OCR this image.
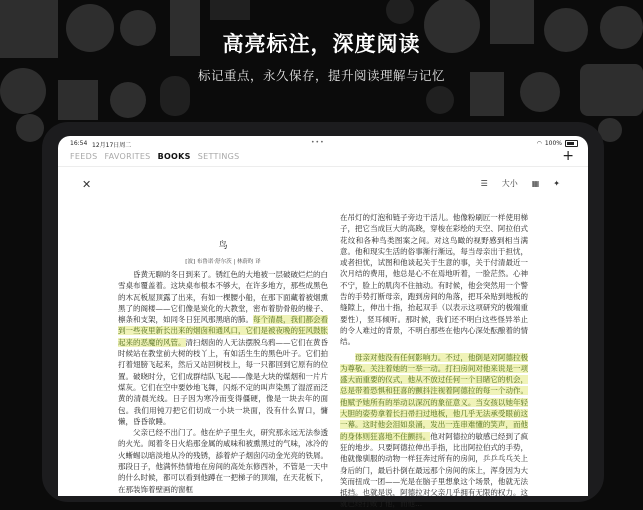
高亮标注，深度阅读
标记重点，永久保存，提升阅读理解与记忆
16:54 12月17日周二	•••	◠ 100%
FEEDS FAVORITES BOOKS SETTINGS	+
✕	☰ 大小 ▦ ✦
鸟
[波] 布鲁诺·舒尔茨 | 林蔚昀 译

昏黄无聊的冬日到来了。锈红色的大地被一层破破烂烂的白雪桌布覆盖着。这块桌布根本不够大，在许多地方，那些成黑色的木瓦板屋顶露了出来，有如一棵腰小船，在那下面藏着被烟熏黑了的阁楼——它们像是炭化的大教堂，密布着肋骨般的椽子、檩条和支架，如同冬日狂风那黑暗的肺。每个清晨，我们都会看到一些夜里新长出来的烟囱和通风口，它们是被夜晚的狂风鼓胀起来的恶魔的风管。清扫烟囱的人无法摆脱乌鸦——它们在黄昏时候站在教堂前大树的枝丫上，有如活生生的黑色叶子。它们拍打着翅膀飞起来，然后又站回树枝上，每一只都回到它原有的位置。破晓时分，它们成群结队飞起——像是大块的煤烟和一片片煤灰。它们在空中要妙地飞舞，闪烁不定的叫声染黑了湿涩而泛黄的清晨光线。日子因为寒冷而变得僵硬，像是一块去年的面包。我们用钝刀把它们切成一小块一块面，没有什么胃口，慵懒，昏昏欲睡。

父亲已经不出门了。他在炉子里生火，研究那永远无法参透的火光。闻着冬日火焰那金属的咸味和被熏黑过的气味，冰冷的火蜥蜴以暗淡地从冷的残锈，舔着炉子烟囱闪动金光亮的铁屑。那段日子，他满怀热情地在房间的高处东修西补，不管是一天中的什么时候，都可以看到他蹲在一把梯子的顶端，在天花板下，在那装饰着壁画的窗框

在吊灯的灯泡和链子旁边干活儿。他像粉刷匠一样使用梯子，把它当成巨大的高跷，穿梭在彩绘的天空、阿拉伯式花纹和各种鸟类图案之间。对这鸟瞰的视野感到相当满意。他和现实生活的俗事渐行渐远，每当母亲出于担忧，或者担忧，试图和他谈起关于生意的事，关于付清最近一次月结的费用，他总是心不在焉地听着，一脸茫然。心神不宁，脸上的肌肉不住抽动。有时候，他会突然用一个警告的手势打断母亲，跑到房间的角落，把耳朵贴到地板的缝隙上，伸出十指，抬起双手（以表示这项研究的极端重要性），竖耳倾听。那时候，我们还不明白这些怪异举止的令人难过的背景，不明白那些在他内心深处酝酿着的情结。

母亲对他没有任何影响力。不过，他倒是对阿德拉极为尊敬。关注着她的一举一动。打扫房间对他来说是一项盛大而重要的仪式，他从不放过任何一个目睹它的机会，总是带着恐惧和狂喜的颤抖注视着阿德拉的每一个动作。他赋予她所有的举动以深沉的象征意义。当女孩以她年轻大胆的姿势拿着长扫帚扫过地板，他几乎无法承受眼前这一幕。这时他会泪如泉涌，发出一连串难懂的笑声，而他的身体则狂喜地不住颤抖。他对阿德拉的敏感已经到了疯狂的地步。只要阿德拉伸出手指，比出阿拉伯式的手势，他就像驯服的动物一样狂奔过所有的房间，乒乒乓乓关上身后的门，最后扑倒在最远那个房间的床上，浑身因为大笑而扭成一团——光是在脑子里想象这个场景，他就无法抵挡。也就是说，阿德拉对父亲几乎拥有无限的权力。这就已经打败了他，而他...
